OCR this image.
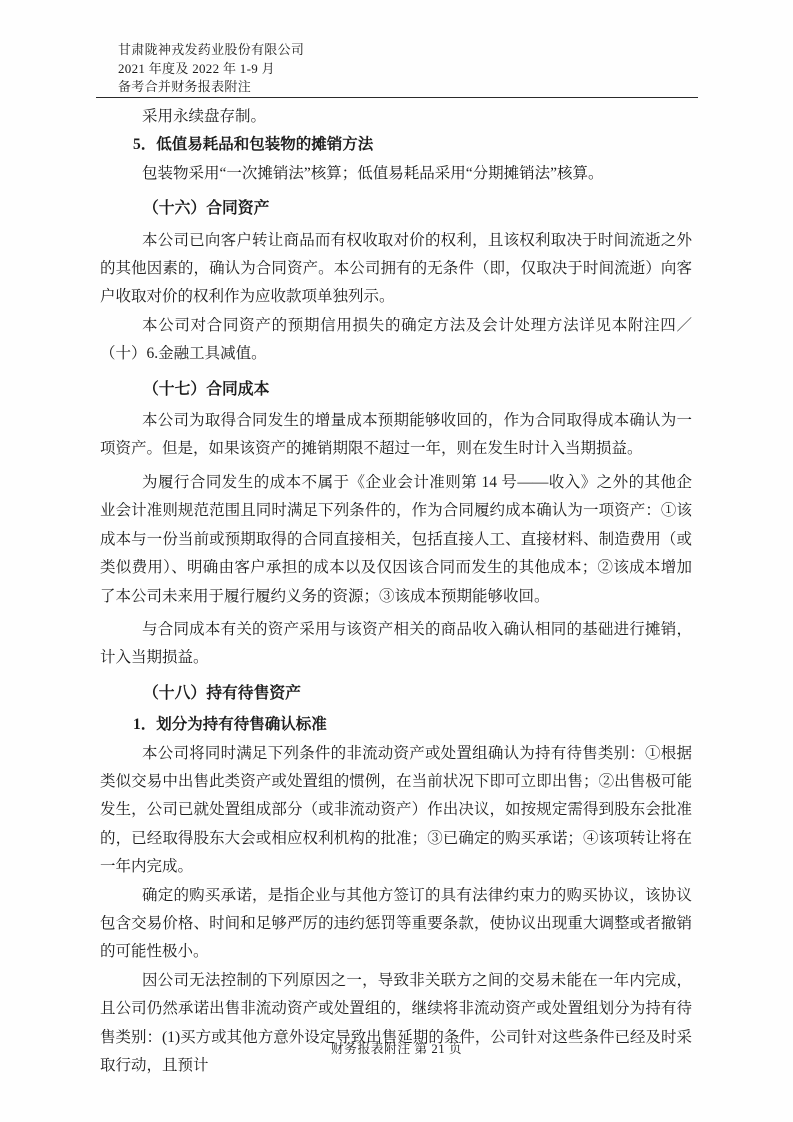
甘肃陇神戎发药业股份有限公司
2021 年度及 2022 年 1-9 月
备考合并财务报表附注

采用永续盘存制。

5．低值易耗品和包装物的摊销方法

包装物采用“一次摊销法”核算；低值易耗品采用“分期摊销法”核算。

（十六）合同资产

本公司已向客户转让商品而有权收取对价的权利，且该权利取决于时间流逝之外的其他因素的，确认为合同资产。本公司拥有的无条件（即，仅取决于时间流逝）向客户收取对价的权利作为应收款项单独列示。

本公司对合同资产的预期信用损失的确定方法及会计处理方法详见本附注四／（十）6.金融工具减值。

（十七）合同成本

本公司为取得合同发生的增量成本预期能够收回的，作为合同取得成本确认为一项资产。但是，如果该资产的摊销期限不超过一年，则在发生时计入当期损益。

为履行合同发生的成本不属于《企业会计准则第 14 号——收入》之外的其他企业会计准则规范范围且同时满足下列条件的，作为合同履约成本确认为一项资产：①该成本与一份当前或预期取得的合同直接相关，包括直接人工、直接材料、制造费用（或类似费用）、明确由客户承担的成本以及仅因该合同而发生的其他成本；②该成本增加了本公司未来用于履行履约义务的资源；③该成本预期能够收回。

与合同成本有关的资产采用与该资产相关的商品收入确认相同的基础进行摊销，计入当期损益。

（十八）持有待售资产
1．划分为持有待售确认标准

本公司将同时满足下列条件的非流动资产或处置组确认为持有待售类别：①根据类似交易中出售此类资产或处置组的惯例，在当前状况下即可立即出售；②出售极可能发生，公司已就处置组成部分（或非流动资产）作出决议，如按规定需得到股东会批准的，已经取得股东大会或相应权利机构的批准；③已确定的购买承诺；④该项转让将在一年内完成。

确定的购买承诺，是指企业与其他方签订的具有法律约束力的购买协议，该协议包含交易价格、时间和足够严厉的违约惩罚等重要条款，使协议出现重大调整或者撤销的可能性极小。

因公司无法控制的下列原因之一，导致非关联方之间的交易未能在一年内完成，且公司仍然承诺出售非流动资产或处置组的，继续将非流动资产或处置组划分为持有待售类别：(1)买方或其他方意外设定导致出售延期的条件，公司针对这些条件已经及时采取行动，且预计

财务报表附注 第 21 页
